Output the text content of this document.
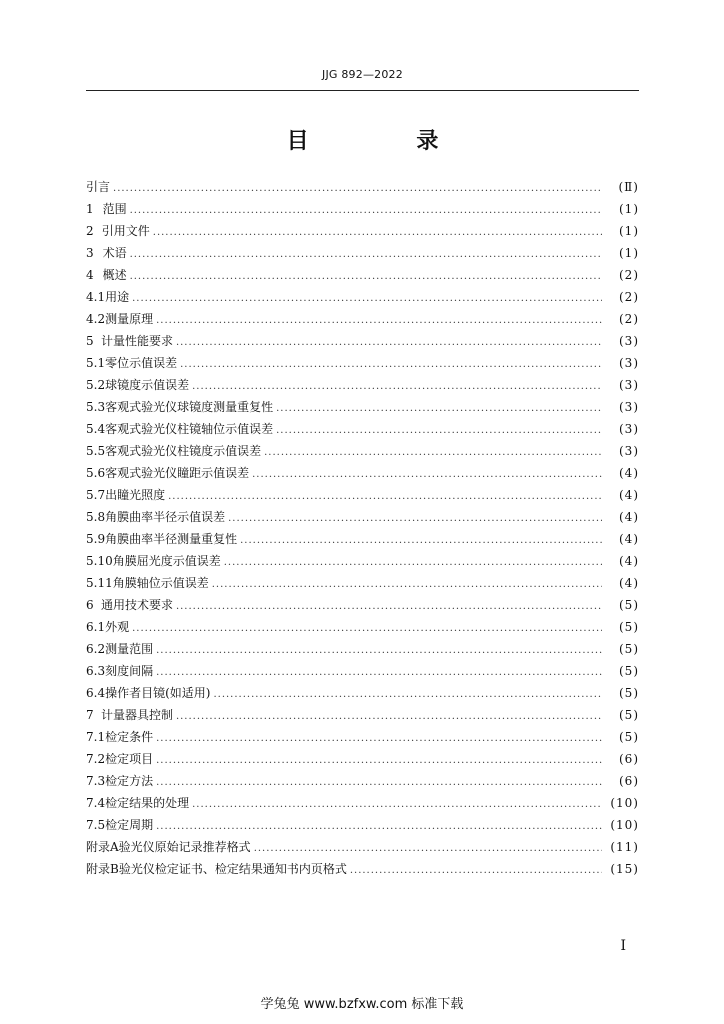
JJG 892—2022
目 录
引言 .....	(Ⅱ)
1 范围 .....	(1)
2 引用文件 .....	(1)
3 术语 .....	(1)
4 概述 .....	(2)
4.1 用途 .....	(2)
4.2 测量原理 .....	(2)
5 计量性能要求 .....	(3)
5.1 零位示值误差 .....	(3)
5.2 球镜度示值误差 .....	(3)
5.3 客观式验光仪球镜度测量重复性 .....	(3)
5.4 客观式验光仪柱镜轴位示值误差 .....	(3)
5.5 客观式验光仪柱镜度示值误差 .....	(3)
5.6 客观式验光仪瞳距示值误差 .....	(4)
5.7 出瞳光照度 .....	(4)
5.8 角膜曲率半径示值误差 .....	(4)
5.9 角膜曲率半径测量重复性 .....	(4)
5.10 角膜屈光度示值误差 .....	(4)
5.11 角膜轴位示值误差 .....	(4)
6 通用技术要求 .....	(5)
6.1 外观 .....	(5)
6.2 测量范围 .....	(5)
6.3 刻度间隔 .....	(5)
6.4 操作者目镜(如适用) .....	(5)
7 计量器具控制 .....	(5)
7.1 检定条件 .....	(5)
7.2 检定项目 .....	(6)
7.3 检定方法 .....	(6)
7.4 检定结果的处理 .....	(10)
7.5 检定周期 .....	(10)
附录A 验光仪原始记录推荐格式 .....	(11)
附录B 验光仪检定证书、检定结果通知书内页格式 .....	(15)
I
学兔兔 www.bzfxw.com 标准下载
